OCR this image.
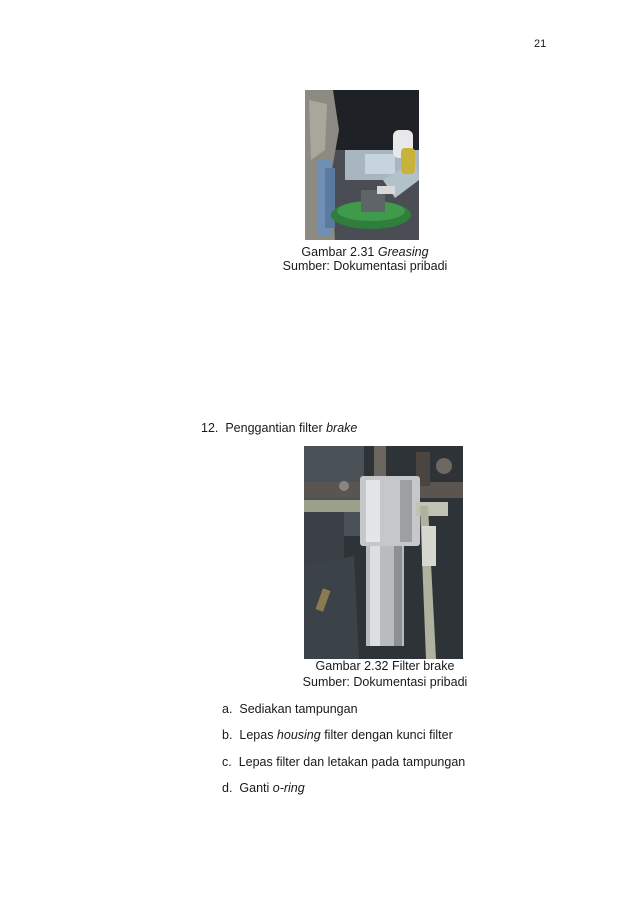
21
Gambar 2.31 Greasing
Sumber: Dokumentasi pribadi
12. Penggantian filter brake
Gambar 2.32 Filter brake
Sumber: Dokumentasi pribadi
a. Sediakan tampungan
b. Lepas housing filter dengan kunci filter
c. Lepas filter dan letakan pada tampungan
d. Ganti o-ring
